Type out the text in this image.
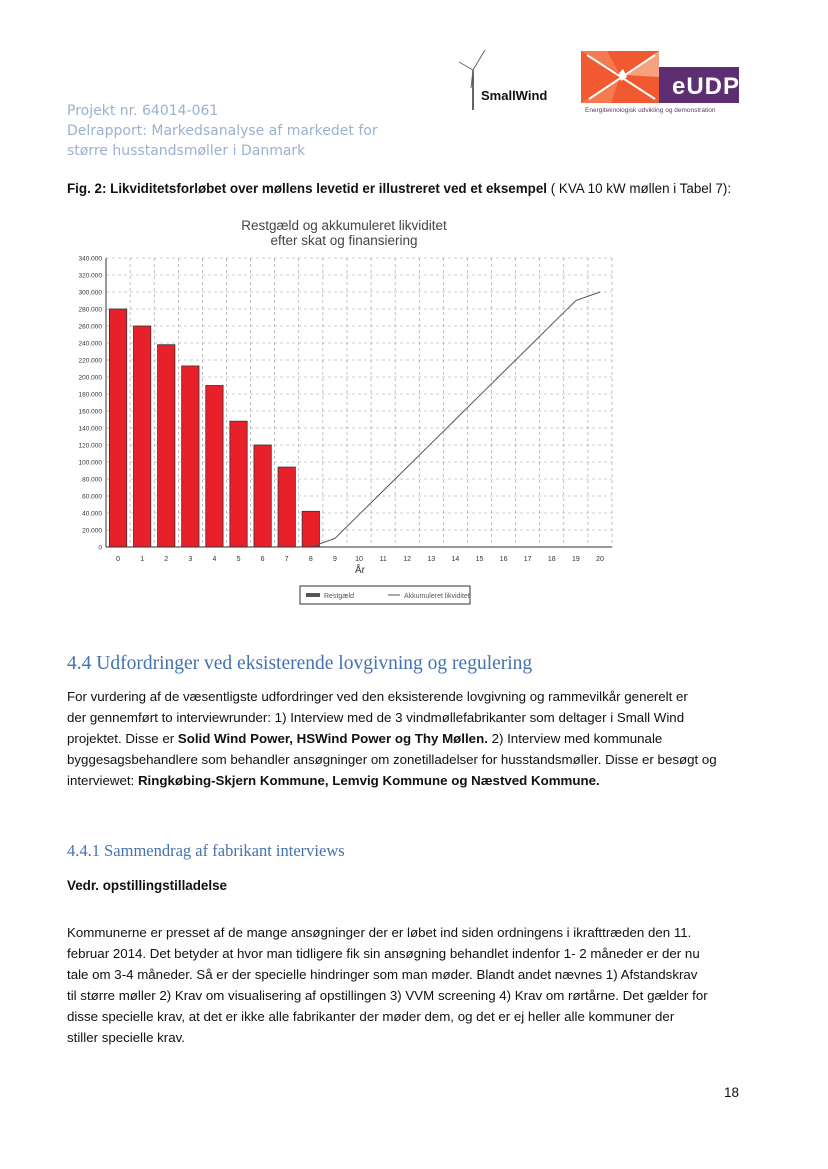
Projekt nr. 64014-061
Delrapport: Markedsanalyse af markedet for
større husstandsmøller i Danmark
SmallWind	eUDP
Energiteknologisk udvikling og demonstration
Fig. 2: Likviditetsforløbet over møllens levetid er illustreret ved et eksempel ( KVA 10 kW møllen i Tabel 7):
Restgæld og akkumuleret likviditet
efter skat og finansiering
0
20.000
40.000
60.000
80.000
100.000
120.000
140.000
160.000
180.000
200.000
220.000
240.000
260.000
280.000
300.000
320.000
340.000
0	1	2	3	4	5	6	7	8	9	10 11 12 13 14 15 16 17 18 19 20
År
Restgæld	Akkumuleret likviditet
4.4 Udfordringer ved eksisterende lovgivning og regulering
For vurdering af de væsentligste udfordringer ved den eksisterende lovgivning og rammevilkår generelt er
der gennemført to interviewrunder: 1) Interview med de 3 vindmøllefabrikanter som deltager i Small Wind
projektet. Disse er Solid Wind Power, HSWind Power og Thy Møllen. 2) Interview med kommunale
byggesagsbehandlere som behandler ansøgninger om zonetilladelser for husstandsmøller. Disse er besøgt og
interviewet: Ringkøbing-Skjern Kommune, Lemvig Kommune og Næstved Kommune.
4.4.1 Sammendrag af fabrikant interviews
Vedr. opstillingstilladelse
Kommunerne er presset af de mange ansøgninger der er løbet ind siden ordningens i ikrafttræden den 11.
februar 2014. Det betyder at hvor man tidligere fik sin ansøgning behandlet indenfor 1- 2 måneder er der nu
tale om 3-4 måneder. Så er der specielle hindringer som man møder. Blandt andet nævnes 1) Afstandskrav
til større møller 2) Krav om visualisering af opstillingen 3) VVM screening 4) Krav om rørtårne. Det gælder for
disse specielle krav, at det er ikke alle fabrikanter der møder dem, og det er ej heller alle kommuner der
stiller specielle krav.
18
